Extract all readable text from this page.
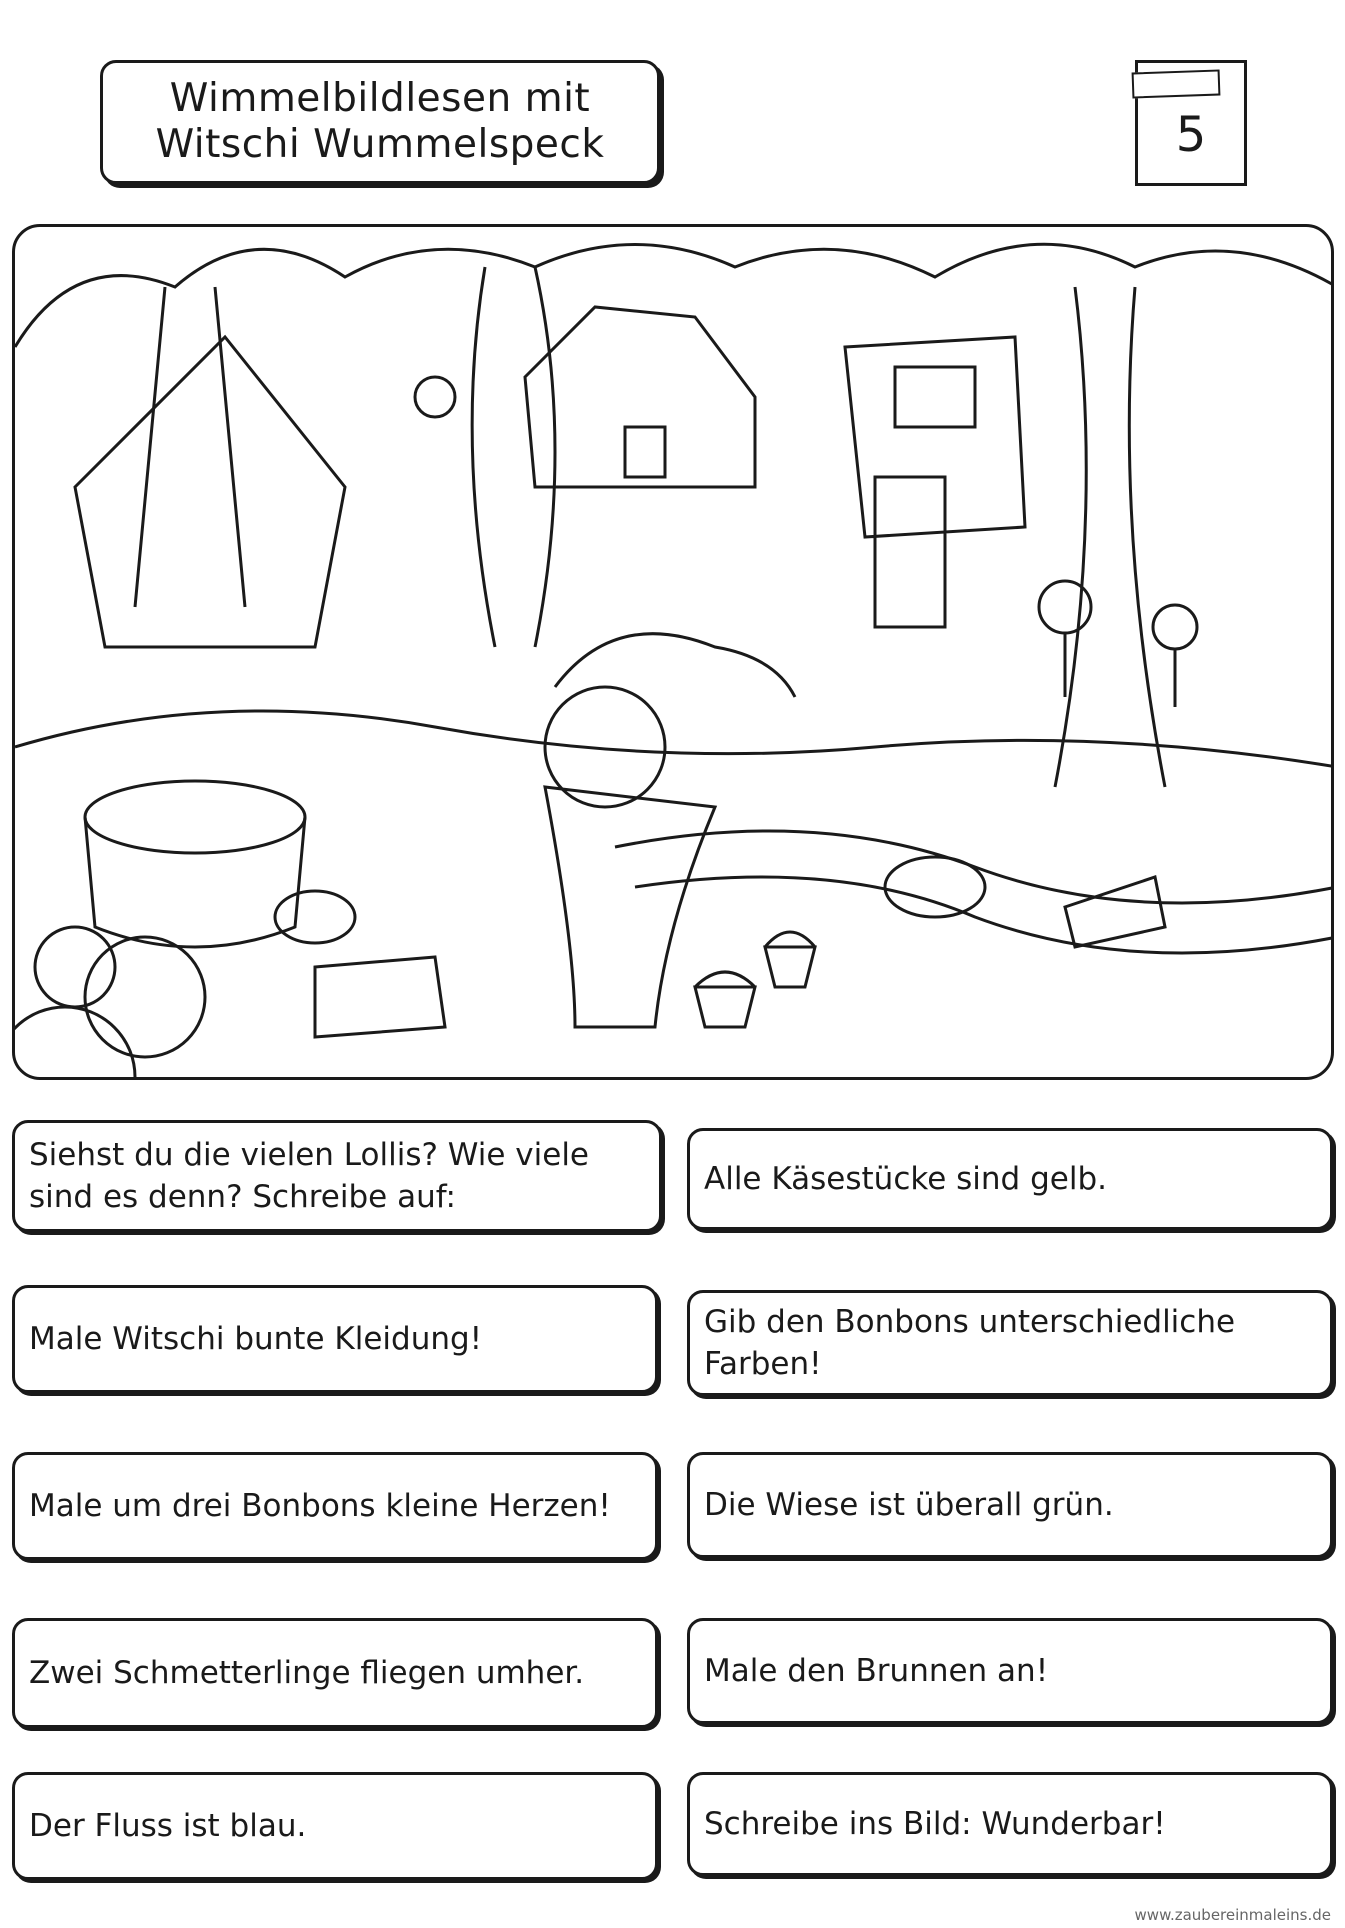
Wimmelbildlesen mit
Witschi Wummelspeck	5
Siehst du die vielen Lollis? Wie viele sind es denn? Schreibe auf:	Alle Käsestücke sind gelb.
Male Witschi bunte Kleidung!	Gib den Bonbons unterschiedliche Farben!
Male um drei Bonbons kleine Herzen!	Die Wiese ist überall grün.
Zwei Schmetterlinge fliegen umher.	Male den Brunnen an!
Der Fluss ist blau.	Schreibe ins Bild: Wunderbar!
www.zaubereinmaleins.de
